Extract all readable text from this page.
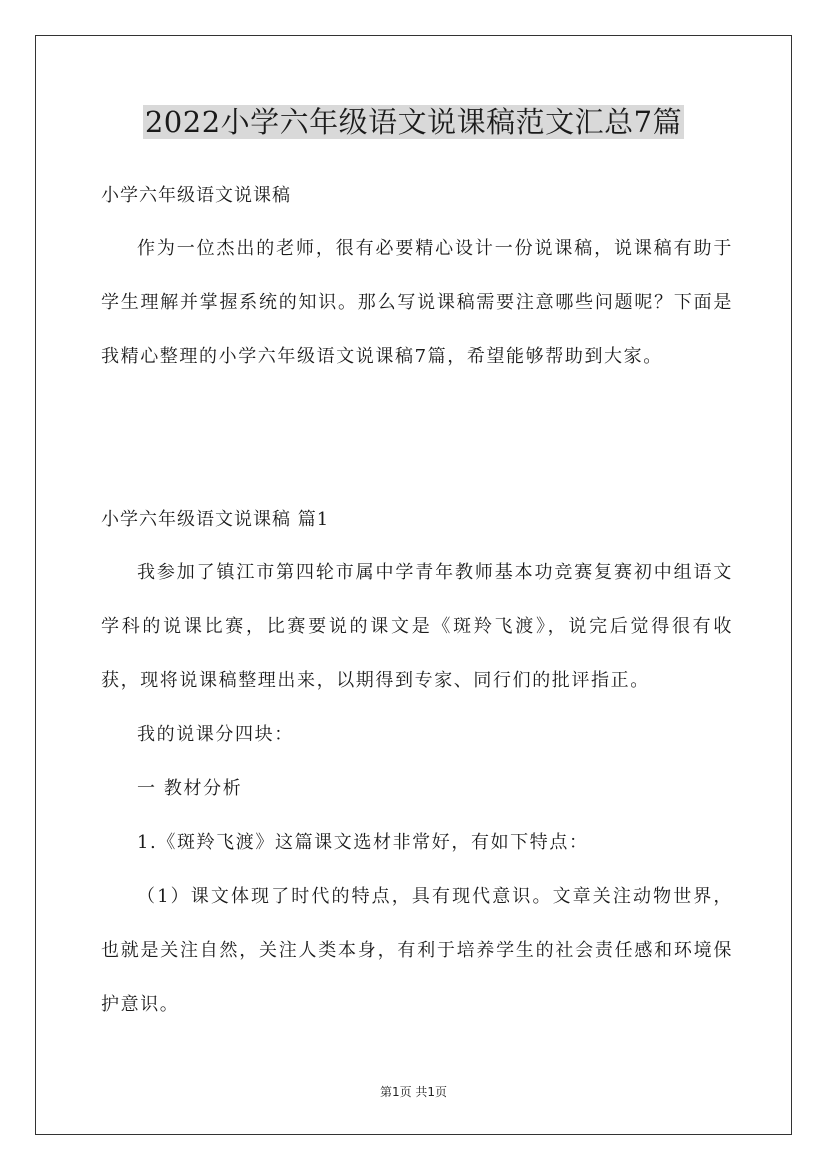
2022小学六年级语文说课稿范文汇总7篇

小学六年级语文说课稿

作为一位杰出的老师，很有必要精心设计一份说课稿，说课稿有助于学生理解并掌握系统的知识。那么写说课稿需要注意哪些问题呢？下面是我精心整理的小学六年级语文说课稿7篇，希望能够帮助到大家。

小学六年级语文说课稿 篇1

我参加了镇江市第四轮市属中学青年教师基本功竞赛复赛初中组语文学科的说课比赛，比赛要说的课文是《斑羚飞渡》，说完后觉得很有收获，现将说课稿整理出来，以期得到专家、同行们的批评指正。

我的说课分四块：

一 教材分析

1.《斑羚飞渡》这篇课文选材非常好，有如下特点：

（1）课文体现了时代的特点，具有现代意识。文章关注动物世界，也就是关注自然，关注人类本身，有利于培养学生的社会责任感和环境保护意识。

第1页 共1页
